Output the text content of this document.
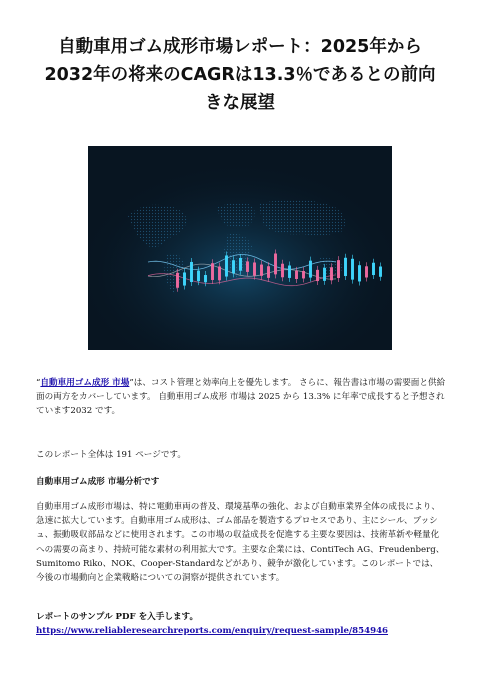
自動車用ゴム成形市場レポート：2025年から2032年の将来のCAGRは13.3％であるとの前向きな展望

“自動車用ゴム成形 市場”は、コスト管理と効率向上を優先します。 さらに、報告書は市場の需要面と供給面の両方をカバーしています。 自動車用ゴム成形 市場は 2025 から 13.3% に年率で成長すると予想されています2032 です。

このレポート全体は 191 ページです。

自動車用ゴム成形 市場分析です

自動車用ゴム成形市場は、特に電動車両の普及、環境基準の強化、および自動車業界全体の成長により、急速に拡大しています。自動車用ゴム成形は、ゴム部品を製造するプロセスであり、主にシール、ブッシュ、振動吸収部品などに使用されます。この市場の収益成長を促進する主要な要因は、技術革新や軽量化への需要の高まり、持続可能な素材の利用拡大です。主要な企業には、ContiTech AG、Freudenberg、Sumitomo Riko、NOK、Cooper-Standardなどがあり、競争が激化しています。このレポートでは、今後の市場動向と企業戦略についての洞察が提供されています。

レポートのサンプル PDF を入手します。 https://www.reliableresearchreports.com/enquiry/request-sample/854946
